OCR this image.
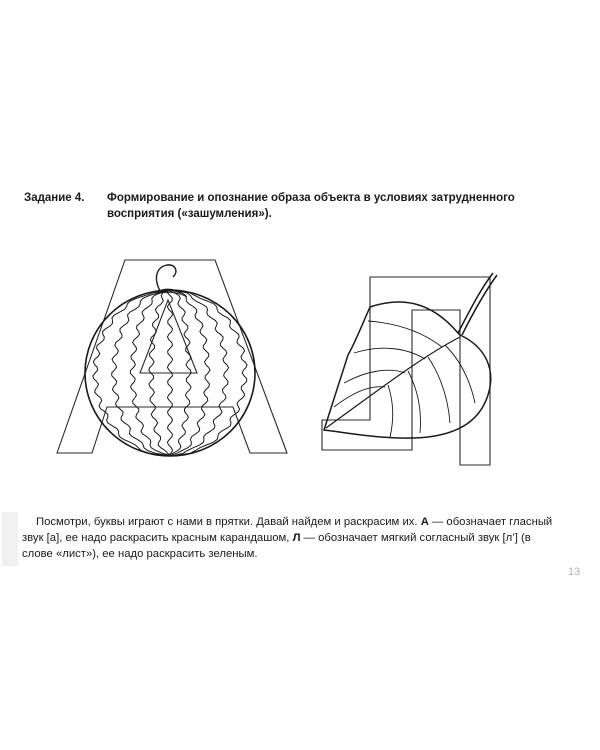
Задание 4. Формирование и опознание образа объекта в условиях затрудненного восприятия («зашумления»).

Посмотри, буквы играют с нами в прятки. Давай найдем и раскрасим их. А — обозначает гласный звук [а], ее надо раскрасить красным карандашом, Л — обозначает мягкий согласный звук [л’] (в слове «лист»), ее надо раскрасить зеленым.

13
